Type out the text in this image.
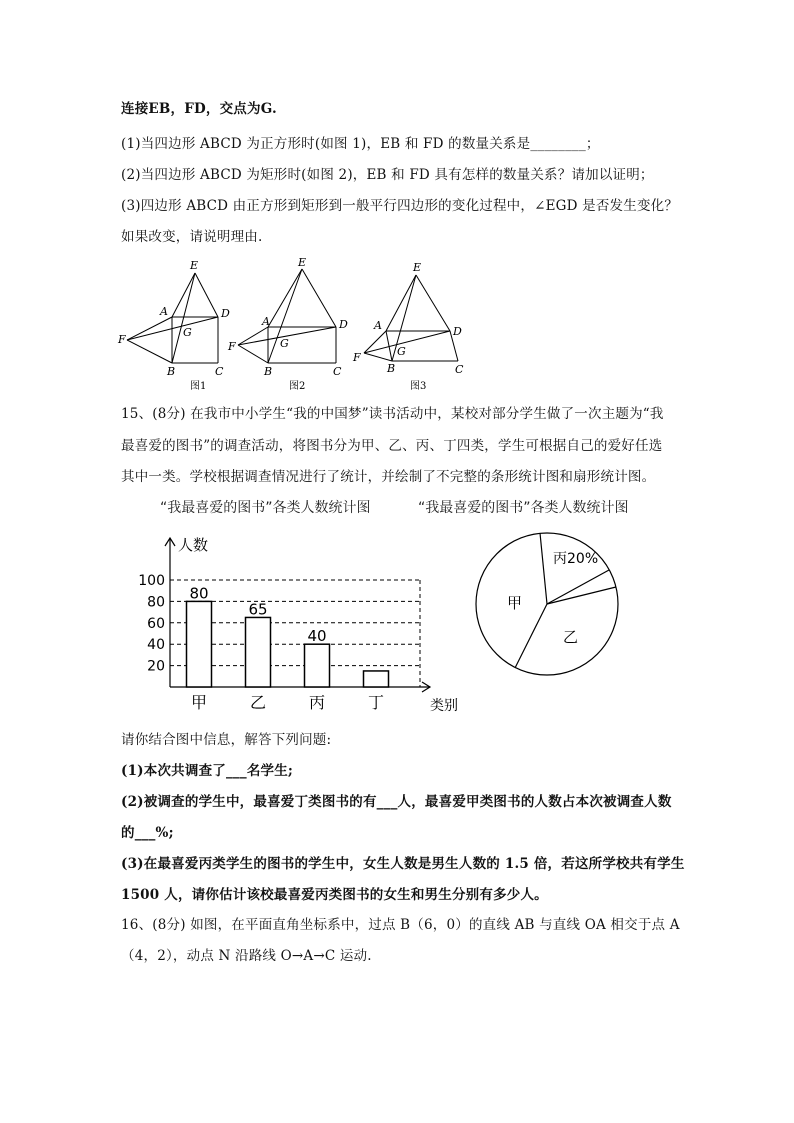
连接EB，FD，交点为G.
(1)当四边形 ABCD 为正方形时(如图 1)，EB 和 FD 的数量关系是________；
(2)当四边形 ABCD 为矩形时(如图 2)，EB 和 FD 具有怎样的数量关系？请加以证明；
(3)四边形 ABCD 由正方形到矩形到一般平行四边形的变化过程中，∠EGD 是否发生变化？
如果改变，请说明理由.
E
A	D
G
F
B	C
图1
E
A	D
G
F
B	C
图2
E
A	D
G
F
B	C
图3
15、(8分) 在我市中小学生“我的中国梦”读书活动中，某校对部分学生做了一次主题为“我
最喜爱的图书”的调查活动，将图书分为甲、乙、丙、丁四类，学生可根据自己的爱好任选
其中一类。学校根据调查情况进行了统计，并绘制了不完整的条形统计图和扇形统计图。
“我最喜爱的图书”各类人数统计图	“我最喜爱的图书”各类人数统计图
人数
类别
20
40
60
80
100
80
65
40
甲	乙	丙	丁
丙20%
甲
乙
请你结合图中信息，解答下列问题:
(1)本次共调查了___名学生;
(2)被调查的学生中，最喜爱丁类图书的有___人，最喜爱甲类图书的人数占本次被调查人数
的___%;
(3)在最喜爱丙类学生的图书的学生中，女生人数是男生人数的 1.5 倍，若这所学校共有学生
1500 人，请你估计该校最喜爱丙类图书的女生和男生分别有多少人。
16、(8分) 如图，在平面直角坐标系中，过点 B（6，0）的直线 AB 与直线 OA 相交于点 A
（4，2），动点 N 沿路线 O→A→C 运动.
